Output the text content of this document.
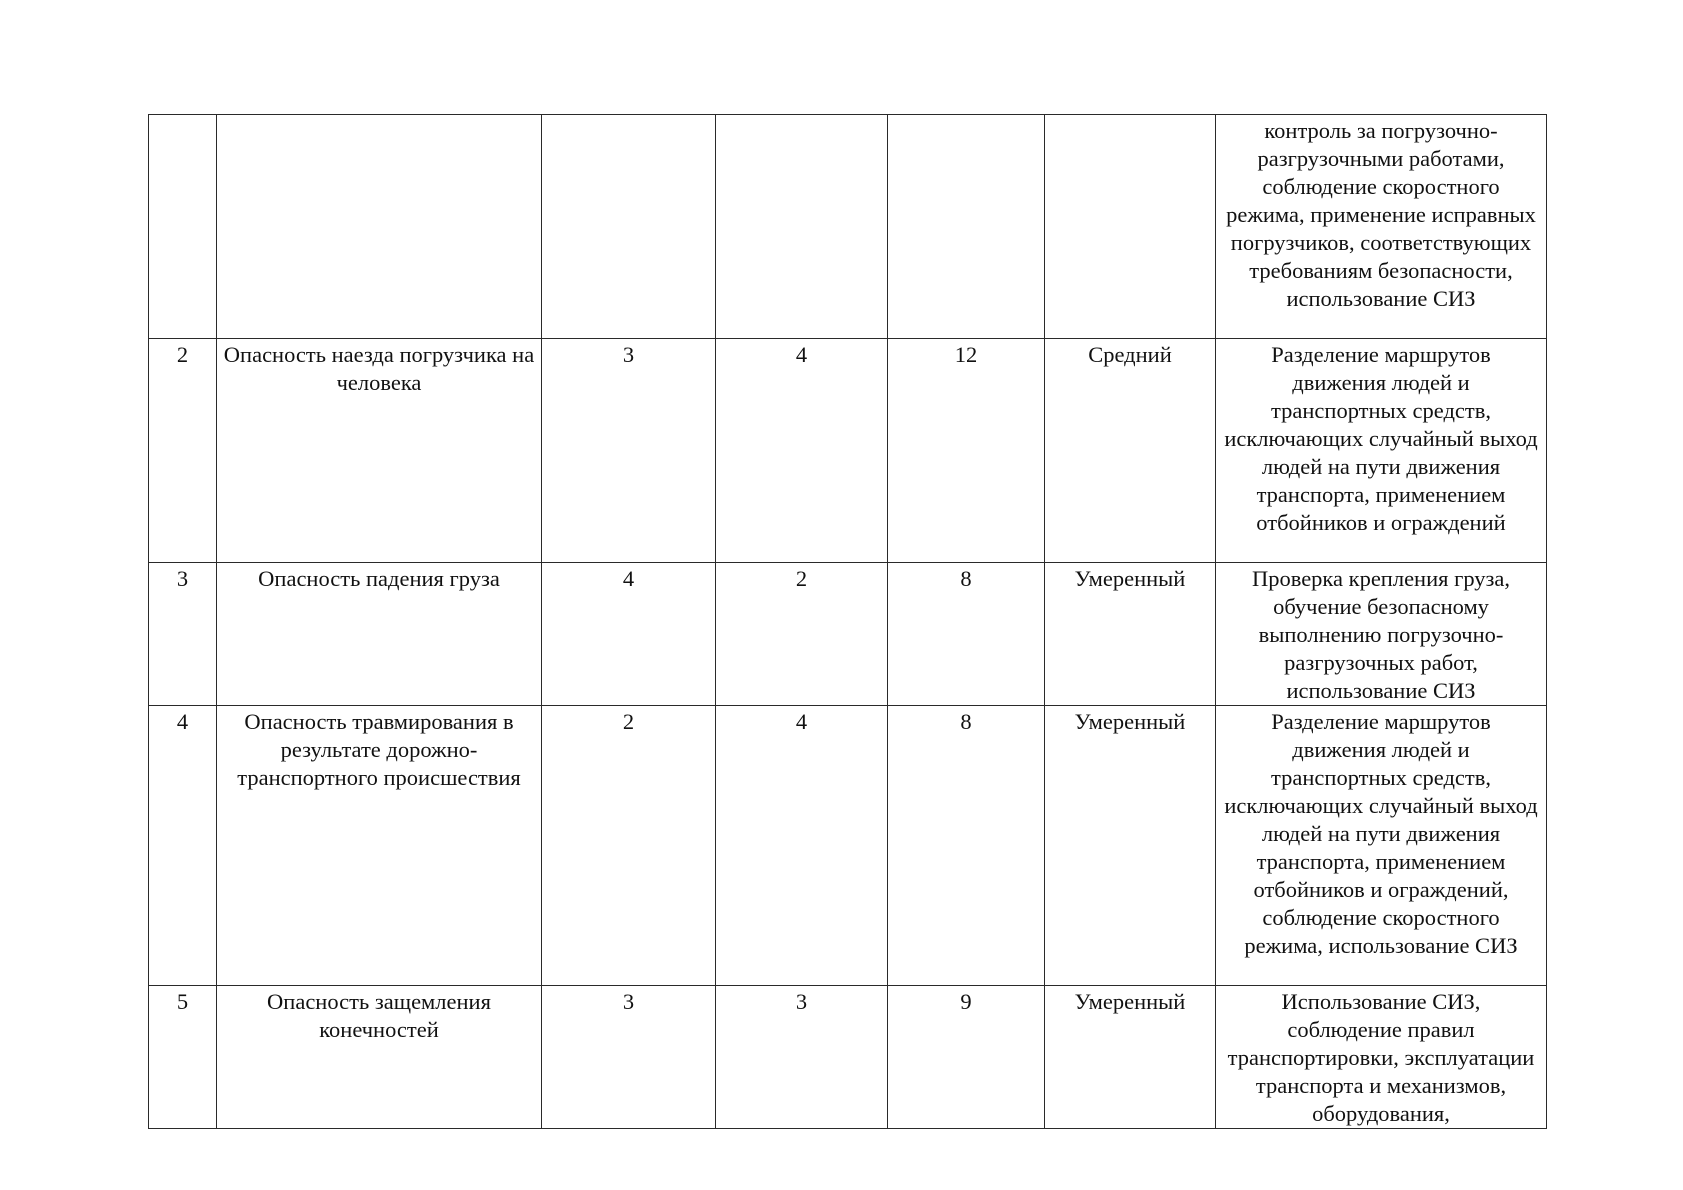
						контроль за погрузочно-разгрузочными работами, соблюдение скоростного режима, применение исправных погрузчиков, соответствующих требованиям безопасности, использование СИЗ
2	Опасность наезда погрузчика на человека	3	4	12	Средний	Разделение маршрутов движения людей и транспортных средств, исключающих случайный выход людей на пути движения транспорта, применением отбойников и ограждений
3	Опасность падения груза	4	2	8	Умеренный	Проверка крепления груза, обучение безопасному выполнению погрузочно-разгрузочных работ, использование СИЗ
4	Опасность травмирования в результате дорожно-транспортного происшествия	2	4	8	Умеренный	Разделение маршрутов движения людей и транспортных средств, исключающих случайный выход людей на пути движения транспорта, применением отбойников и ограждений, соблюдение скоростного режима, использование СИЗ
5	Опасность защемления конечностей	3	3	9	Умеренный	Использование СИЗ, соблюдение правил транспортировки, эксплуатации транспорта и механизмов, оборудования,
